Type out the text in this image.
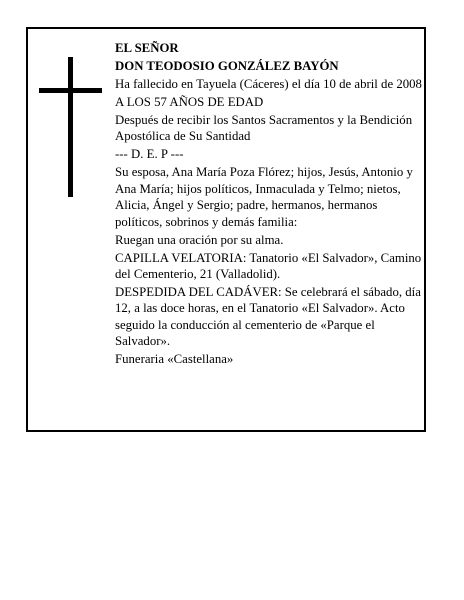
EL SEÑOR

DON TEODOSIO GONZÁLEZ BAYÓN

Ha fallecido en Tayuela (Cáceres) el día 10 de abril de 2008

A LOS 57 AÑOS DE EDAD

Después de recibir los Santos Sacramentos y la Bendición Apostólica de Su Santidad

--- D. E. P ---

Su esposa, Ana María Poza Flórez; hijos, Jesús, Antonio y Ana María; hijos políticos, Inmaculada y Telmo; nietos, Alicia, Ángel y Sergio; padre, hermanos, hermanos políticos, sobrinos y demás familia:

Ruegan una oración por su alma.

CAPILLA VELATORIA: Tanatorio «El Salvador», Camino del Cementerio, 21 (Valladolid).

DESPEDIDA DEL CADÁVER: Se celebrará el sábado, día 12, a las doce horas, en el Tanatorio «El Salvador». Acto seguido la conducción al cementerio de «Parque el Salvador».

Funeraria «Castellana»
